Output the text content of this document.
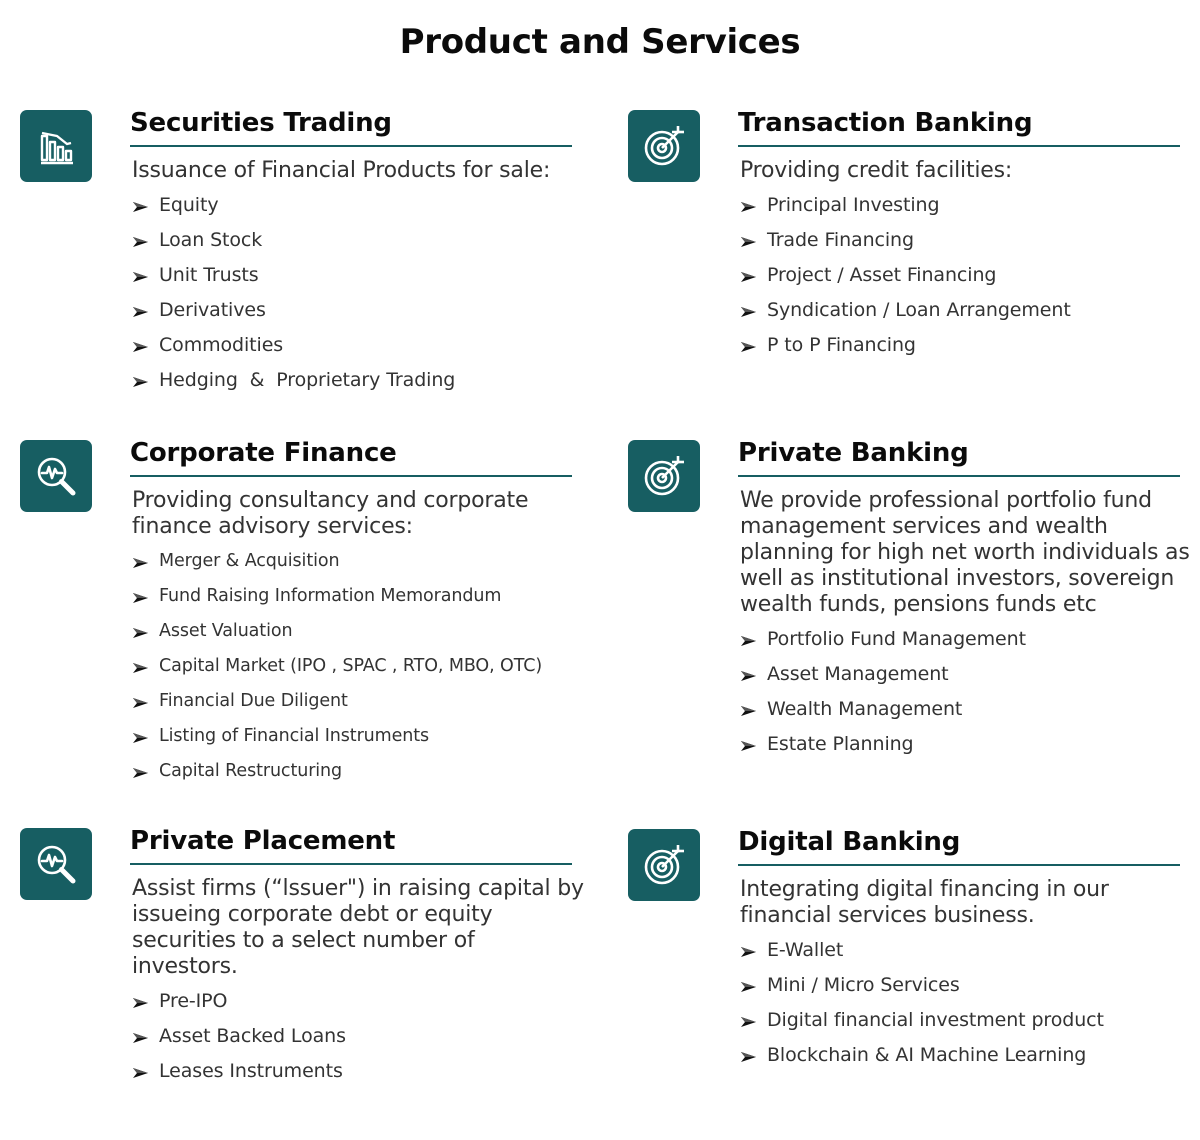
Product and Services
Securities Trading

Issuance of Financial Products for sale:

Equity
Loan Stock
Unit Trusts
Derivatives
Commodities
Hedging  &  Proprietary Trading
Transaction Banking

Providing credit facilities:

Principal Investing
Trade Financing
Project / Asset Financing
Syndication / Loan Arrangement
P to P Financing
Corporate Finance

Providing consultancy and corporate finance advisory services:

Merger & Acquisition
Fund Raising Information Memorandum
Asset Valuation
Capital Market (IPO , SPAC , RTO, MBO, OTC)
Financial Due Diligent
Listing of Financial Instruments
Capital Restructuring
Private Banking

We provide professional portfolio fund management services and wealth planning for high net worth individuals as well as institutional investors, sovereign wealth funds, pensions funds etc

Portfolio Fund Management
Asset Management
Wealth Management
Estate Planning
Private Placement

Assist firms (“lssuer") in raising capital by issueing corporate debt or equity securities to a select number of investors.

Pre-IPO
Asset Backed Loans
Leases Instruments
Digital Banking

Integrating digital financing in our financial services business.

E-Wallet
Mini / Micro Services
Digital financial investment product
Blockchain & AI Machine Learning
